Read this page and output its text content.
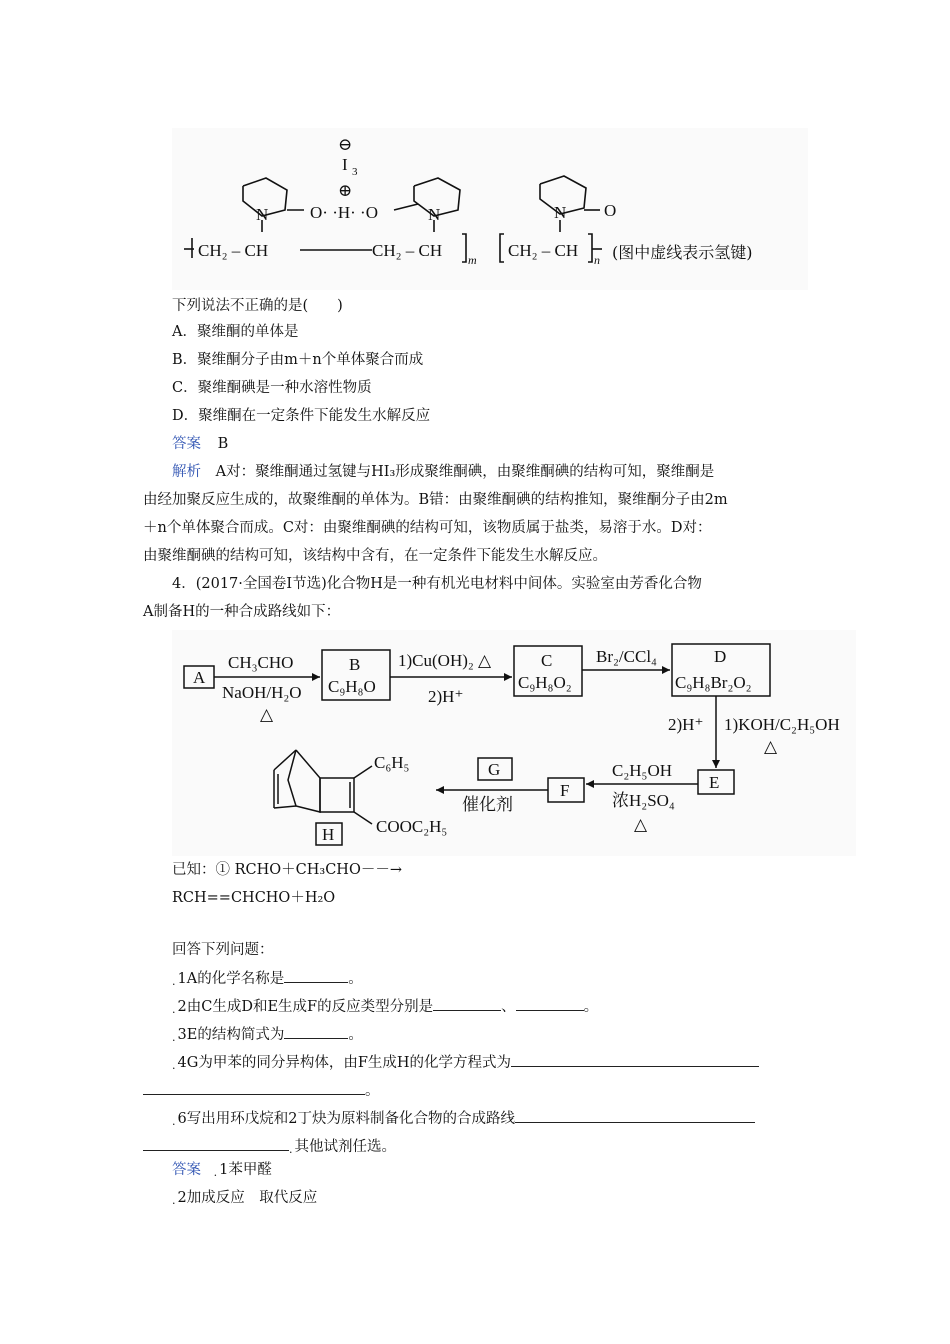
⊖
I 3
⊕
O· ·H· ·O
N	N	N O
CH₂ – CH	CH₂ – CH m CH₂ – CH n (图中虚线表示氢键)
下列说法不正确的是(　　)
A．聚维酮的单体是
B．聚维酮分子由m＋n个单体聚合而成
C．聚维酮碘是一种水溶性物质
D．聚维酮在一定条件下能发生水解反应
答案 B
解析 A对：聚维酮通过氢键与HI₃形成聚维酮碘，由聚维酮碘的结构可知，聚维酮是
由经加聚反应生成的，故聚维酮的单体为。B错：由聚维酮碘的结构推知，聚维酮分子由2m
＋n个单体聚合而成。C对：由聚维酮碘的结构可知，该物质属于盐类，易溶于水。D对：
由聚维酮碘的结构可知，该结构中含有，在一定条件下能发生水解反应。
4．(2017·全国卷Ⅰ节选)化合物H是一种有机光电材料中间体。实验室由芳香化合物
A制备H的一种合成路线如下：
A
B
C₉H₈O
C
C₉H₈O₂
D
C₉H₈Br₂O₂
E
F
G
H
CH₃CHO
NaOH/H₂O
△
1)Cu(OH)₂ △
2)H⁺
Br₂/CCl₄
2)H⁺ 1)KOH/C₂H₅OH
△
C₂H₅OH
浓H₂SO₄
△
催化剂
C₆H₅
COOC₂H₅
已知：① RCHO＋CH₃CHO－－→
RCH==CHCHO＋H₂O
回答下列问题：
. 1A的化学名称是	。
. 2由C生成D和E生成F的反应类型分别是	、	。
. 3E的结构简式为	。
. 4G为甲苯的同分异构体，由F生成H的化学方程式为
。
. 6写出用环戊烷和2丁炔为原料制备化合物的合成路线
. 其他试剂任选。
答案 . 1苯甲醛
. 2加成反应　取代反应
